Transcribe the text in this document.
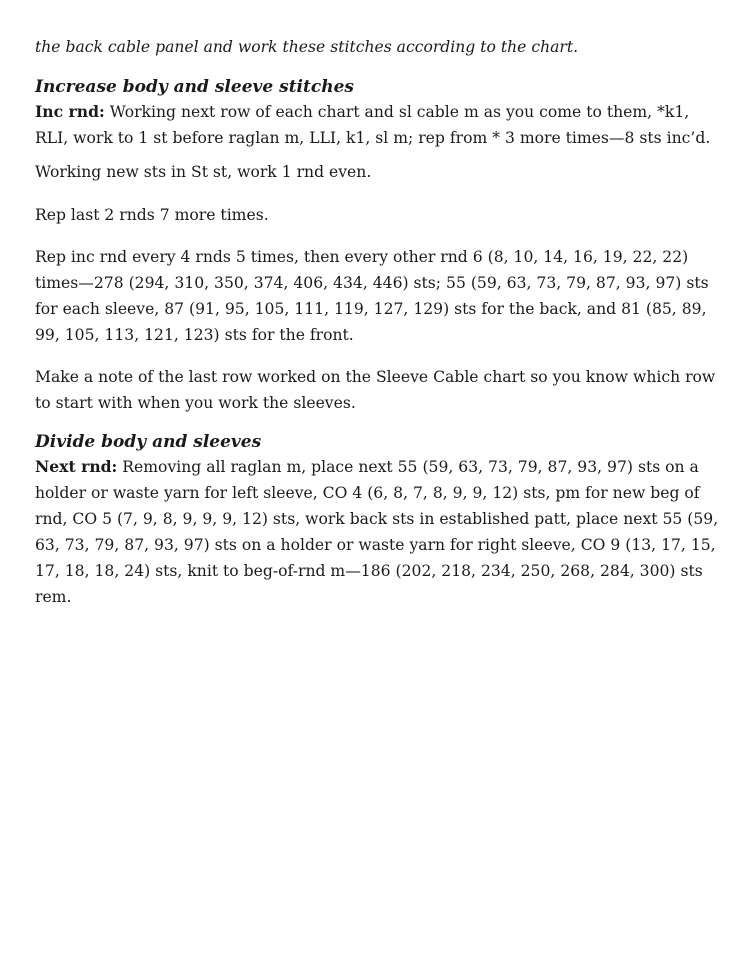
the back cable panel and work these stitches according to the chart.

Increase body and sleeve stitches

Inc rnd: Working next row of each chart and sl cable m as you come to them, *k1, RLI, work to 1 st before raglan m, LLI, k1, sl m; rep from * 3 more times—8 sts inc’d.

Working new sts in St st, work 1 rnd even.

Rep last 2 rnds 7 more times.

Rep inc rnd every 4 rnds 5 times, then every other rnd 6 (8, 10, 14, 16, 19, 22, 22) times—278 (294, 310, 350, 374, 406, 434, 446) sts; 55 (59, 63, 73, 79, 87, 93, 97) sts for each sleeve, 87 (91, 95, 105, 111, 119, 127, 129) sts for the back, and 81 (85, 89, 99, 105, 113, 121, 123) sts for the front.

Make a note of the last row worked on the Sleeve Cable chart so you know which row to start with when you work the sleeves.

Divide body and sleeves

Next rnd: Removing all raglan m, place next 55 (59, 63, 73, 79, 87, 93, 97) sts on a holder or waste yarn for left sleeve, CO 4 (6, 8, 7, 8, 9, 9, 12) sts, pm for new beg of rnd, CO 5 (7, 9, 8, 9, 9, 9, 12) sts, work back sts in established patt, place next 55 (59, 63, 73, 79, 87, 93, 97) sts on a holder or waste yarn for right sleeve, CO 9 (13, 17, 15, 17, 18, 18, 24) sts, knit to beg-of-rnd m—186 (202, 218, 234, 250, 268, 284, 300) sts rem.
